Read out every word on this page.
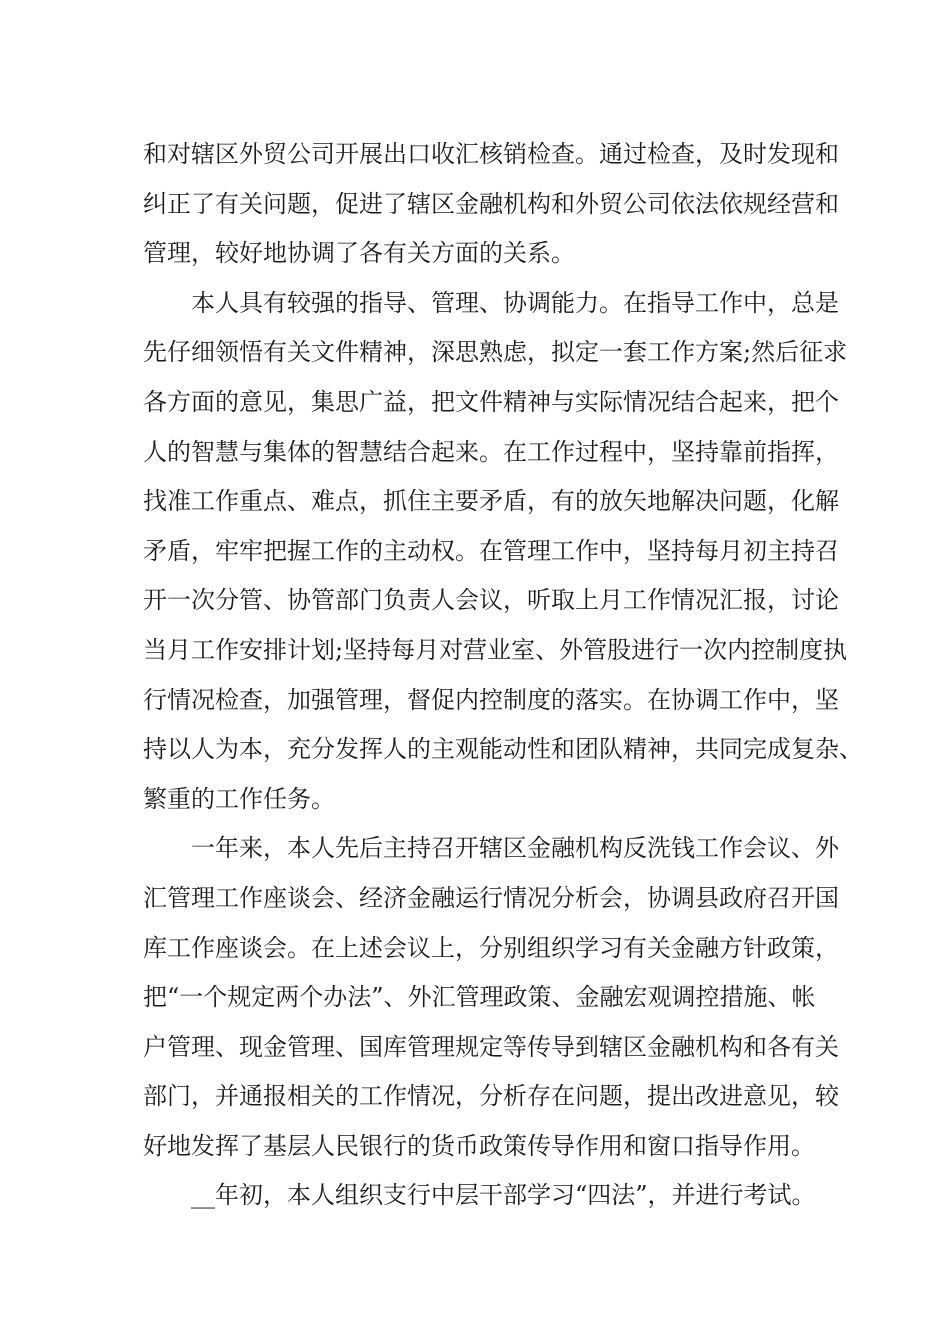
和对辖区外贸公司开展出口收汇核销检查。通过检查，及时发现和
纠正了有关问题，促进了辖区金融机构和外贸公司依法依规经营和
管理，较好地协调了各有关方面的关系。
本人具有较强的指导、管理、协调能力。在指导工作中，总是
先仔细领悟有关文件精神，深思熟虑，拟定一套工作方案;然后征求
各方面的意见，集思广益，把文件精神与实际情况结合起来，把个
人的智慧与集体的智慧结合起来。在工作过程中，坚持靠前指挥，
找准工作重点、难点，抓住主要矛盾，有的放矢地解决问题，化解
矛盾，牢牢把握工作的主动权。在管理工作中，坚持每月初主持召
开一次分管、协管部门负责人会议，听取上月工作情况汇报，讨论
当月工作安排计划;坚持每月对营业室、外管股进行一次内控制度执
行情况检查，加强管理，督促内控制度的落实。在协调工作中，坚
持以人为本，充分发挥人的主观能动性和团队精神，共同完成复杂、
繁重的工作任务。
一年来，本人先后主持召开辖区金融机构反洗钱工作会议、外
汇管理工作座谈会、经济金融运行情况分析会，协调县政府召开国
库工作座谈会。在上述会议上，分别组织学习有关金融方针政策，
把“一个规定两个办法”、外汇管理政策、金融宏观调控措施、帐
户管理、现金管理、国库管理规定等传导到辖区金融机构和各有关
部门，并通报相关的工作情况，分析存在问题，提出改进意见，较
好地发挥了基层人民银行的货币政策传导作用和窗口指导作用。
__年初，本人组织支行中层干部学习“四法”，并进行考试。
